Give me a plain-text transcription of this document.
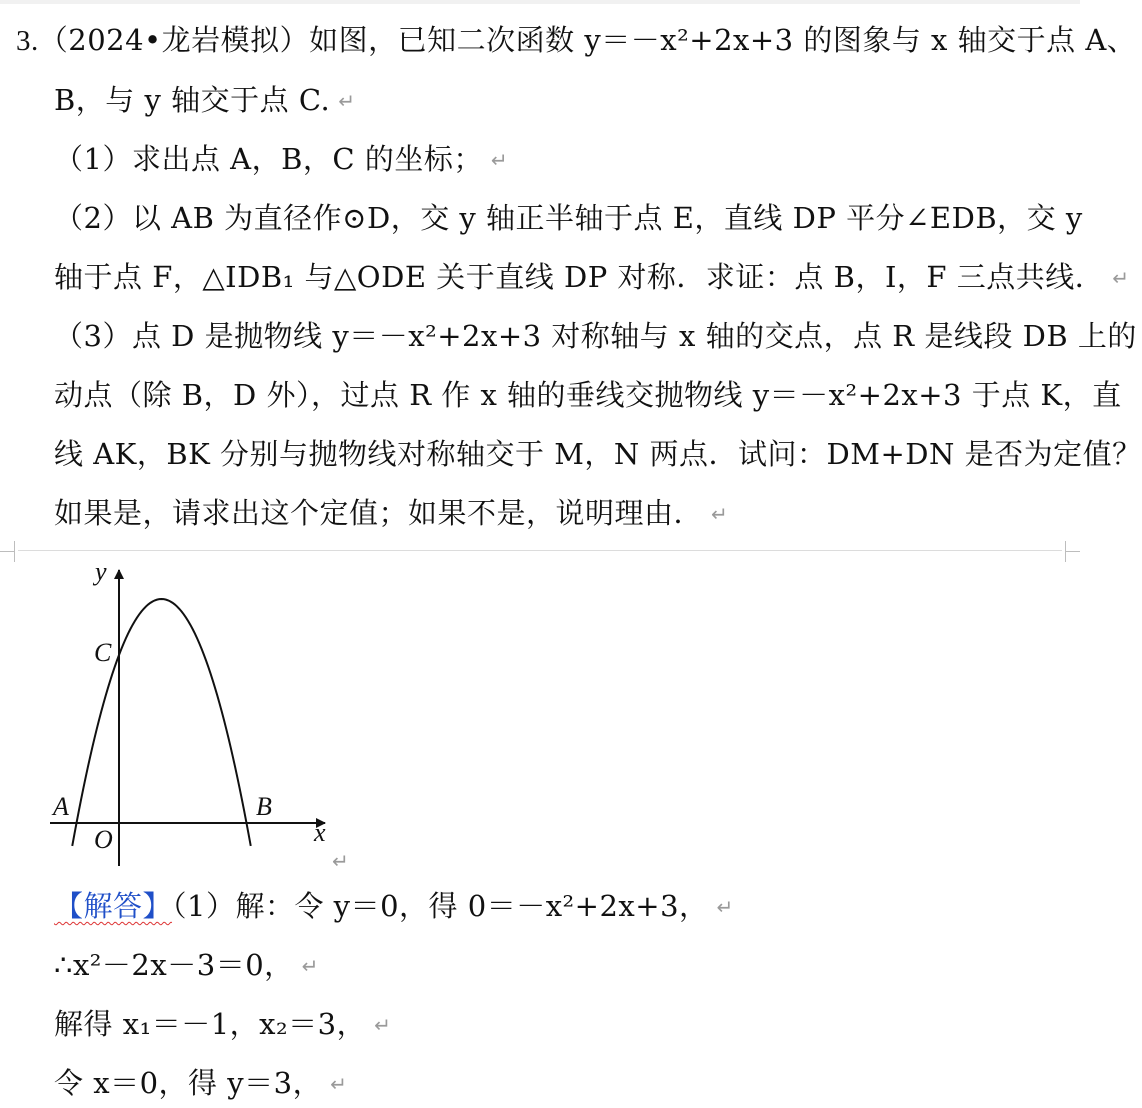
3.（2024•龙岩模拟）如图，已知二次函数 y＝－x²+2x+3 的图象与 x 轴交于点 A、
B，与 y 轴交于点 C. ↵
（1）求出点 A，B，C 的坐标； ↵
（2）以 AB 为直径作⊙D，交 y 轴正半轴于点 E，直线 DP 平分∠EDB，交 y
轴于点 F，△IDB₁ 与△ODE 关于直线 DP 对称．求证：点 B，I，F 三点共线． ↵
（3）点 D 是抛物线 y＝－x²+2x+3 对称轴与 x 轴的交点，点 R 是线段 DB 上的
动点（除 B，D 外），过点 R 作 x 轴的垂线交抛物线 y＝－x²+2x+3 于点 K，直
线 AK，BK 分别与抛物线对称轴交于 M，N 两点．试问：DM+DN 是否为定值？
如果是，请求出这个定值；如果不是，说明理由． ↵
y
x
O
A	B
C
↵
【解答】（1）解：令 y＝0，得 0＝－x²+2x+3， ↵
∴x²－2x－3＝0， ↵
解得 x₁＝－1，x₂＝3， ↵
令 x＝0，得 y＝3， ↵
